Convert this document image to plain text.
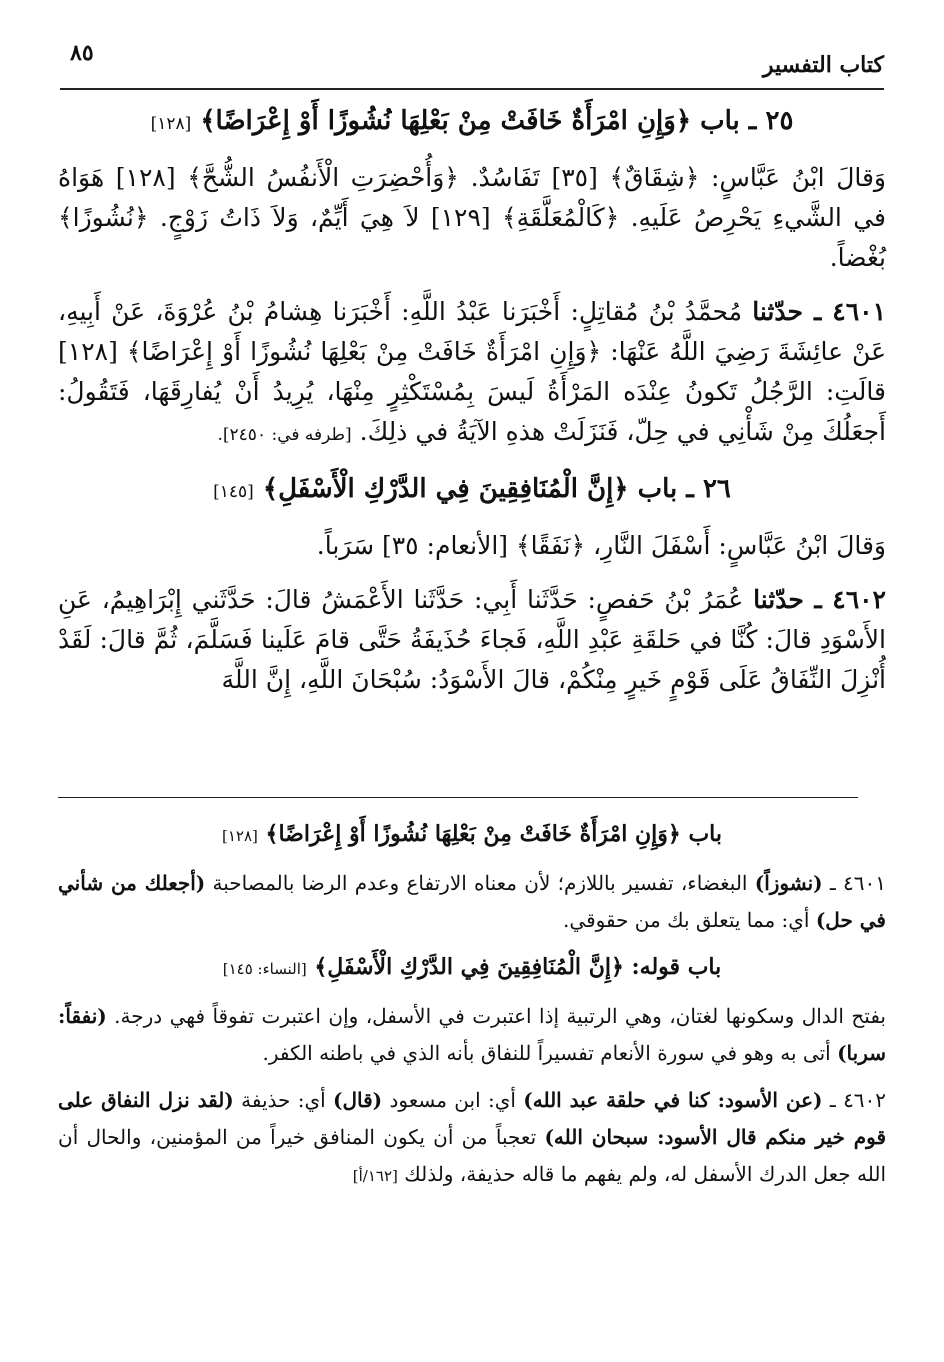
كتاب التفسير
٨٥

٢٥ ـ باب ﴿وَإِنِ امْرَأَةٌ خَافَتْ مِنْ بَعْلِهَا نُشُوزًا أَوْ إِعْرَاضًا﴾ [١٢٨]

وَقالَ ابْنُ عَبَّاسٍ: ﴿شِقَاقٌ﴾ [٣٥] تَفَاسُدٌ. ﴿وَأُحْضِرَتِ الْأَنفُسُ الشُّحَّ﴾ [١٢٨] هَوَاهُ في الشَّيءِ يَحْرِصُ عَلَيهِ. ﴿كَالْمُعَلَّقَةِ﴾ [١٢٩] لاَ هِيَ أَيِّمٌ، وَلاَ ذَاتُ زَوْجٍ. ﴿نُشُوزًا﴾ بُغْضاً.

٤٦٠١ ـ حدّثنا مُحمَّدُ بْنُ مُقاتِلٍ: أَخْبَرَنا عَبْدُ اللَّهِ: أَخْبَرَنا هِشامُ بْنُ عُرْوَةَ، عَنْ أَبِيهِ، عَنْ عائِشَةَ رَضِيَ اللَّهُ عَنْهَا: ﴿وَإِنِ امْرَأَةٌ خَافَتْ مِنْ بَعْلِهَا نُشُوزًا أَوْ إِعْرَاضًا﴾ [١٢٨] قالَتِ: الرَّجُلُ تَكونُ عِنْدَه المَرْأَةُ لَيسَ بِمُسْتَكْثِرٍ مِنْهَا، يُرِيدُ أَنْ يُفارِقَهَا، فَتَقُولُ: أَجعَلُكَ مِنْ شَأْنِي في حِلّ، فَنَزَلَتْ هذهِ الآيَةُ في ذلِكَ. [طرفه في: ٢٤٥٠].

٢٦ ـ باب ﴿إِنَّ الْمُنَافِقِينَ فِي الدَّرْكِ الْأَسْفَلِ﴾ [١٤٥]

وَقالَ ابْنُ عَبَّاسٍ: أَسْفَلَ النَّارِ، ﴿نَفَقًا﴾ [الأنعام: ٣٥] سَرَباً.

٤٦٠٢ ـ حدّثنا عُمَرُ بْنُ حَفصٍ: حَدَّثَنا أَبِي: حَدَّثَنا الأَعْمَشُ قالَ: حَدَّثَني إِبْرَاهِيمُ، عَنِ الأَسْوَدِ قالَ: كُنَّا في حَلقَةِ عَبْدِ اللَّهِ، فَجاءَ حُذَيفَةُ حَتَّى قامَ عَلَينا فَسَلَّمَ، ثُمَّ قالَ: لَقَدْ أُنْزِلَ النِّفَاقُ عَلَى قَوْمٍ خَيرٍ مِنْكُمْ، قالَ الأَسْوَدُ: سُبْحَانَ اللَّهِ، إِنَّ اللَّهَ

باب ﴿وَإِنِ امْرَأَةٌ خَافَتْ مِنْ بَعْلِهَا نُشُوزًا أَوْ إِعْرَاضًا﴾ [١٢٨]

٤٦٠١ ـ (نشوزاً) البغضاء، تفسير باللازم؛ لأن معناه الارتفاع وعدم الرضا بالمصاحبة (أجعلك من شأني في حل) أي: مما يتعلق بك من حقوقي.

باب قوله: ﴿إِنَّ الْمُنَافِقِينَ فِي الدَّرْكِ الْأَسْفَلِ﴾ [النساء: ١٤٥]

بفتح الدال وسكونها لغتان، وهي الرتبية إذا اعتبرت في الأسفل، وإن اعتبرت تفوقاً فهي درجة. (نفقاً: سربا) أتى به وهو في سورة الأنعام تفسيراً للنفاق بأنه الذي في باطنه الكفر.

٤٦٠٢ ـ (عن الأسود: كنا في حلقة عبد الله) أي: ابن مسعود (قال) أي: حذيفة (لقد نزل النفاق على قوم خير منكم قال الأسود: سبحان الله) تعجباً من أن يكون المنافق خيراً من المؤمنين، والحال أن الله جعل الدرك الأسفل له، ولم يفهم ما قاله حذيفة، ولذلك [١٦٢/أ]
